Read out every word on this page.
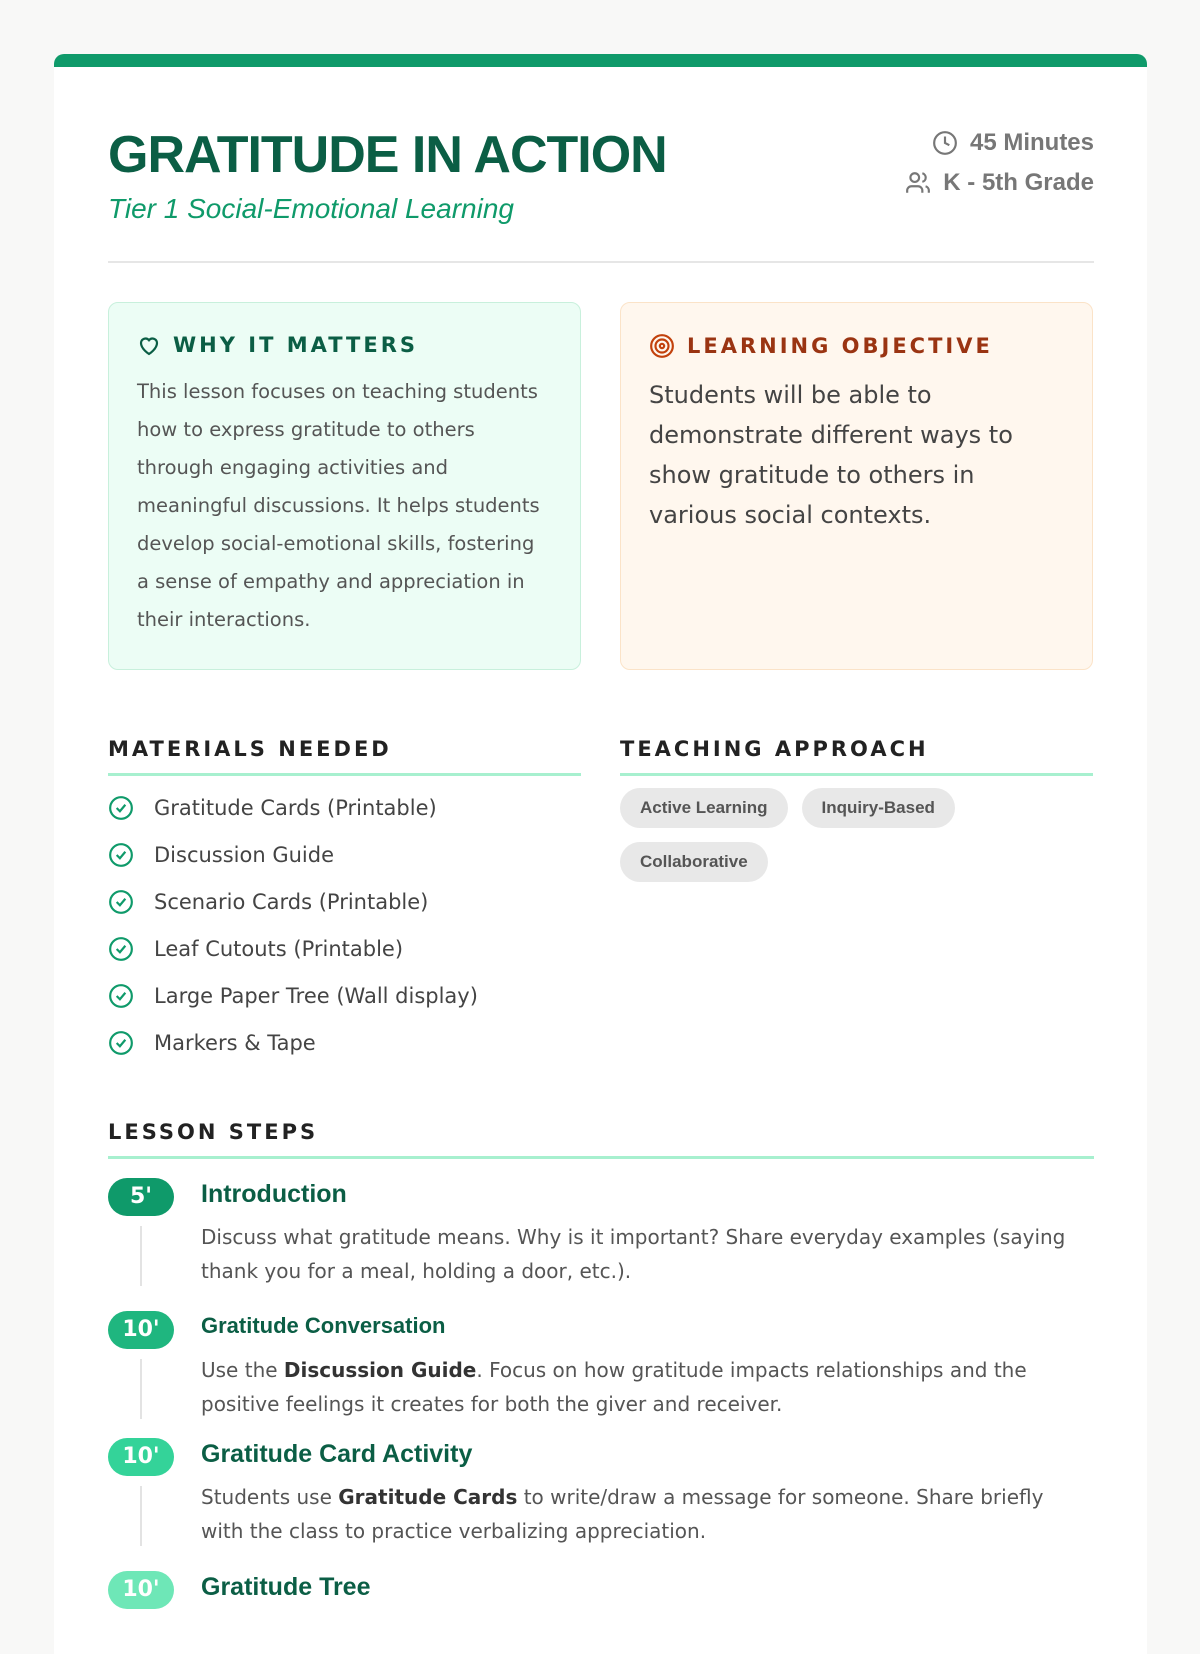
GRATITUDE IN ACTION
Tier 1 Social-Emotional Learning
45 Minutes
K - 5th Grade
WHY IT MATTERS

This lesson focuses on teaching students how to express gratitude to others through engaging activities and meaningful discussions. It helps students develop social-emotional skills, fostering a sense of empathy and appreciation in their interactions.

LEARNING OBJECTIVE

Students will be able to demonstrate different ways to show gratitude to others in various social contexts.

MATERIALS NEEDED
Gratitude Cards (Printable)
Discussion Guide
Scenario Cards (Printable)
Leaf Cutouts (Printable)
Large Paper Tree (Wall display)
Markers & Tape
TEACHING APPROACH
Active Learning	Inquiry-Based
Collaborative
LESSON STEPS
5'	Introduction
Discuss what gratitude means. Why is it important? Share everyday examples (saying thank you for a meal, holding a door, etc.).
10'	Gratitude Conversation
Use the Discussion Guide. Focus on how gratitude impacts relationships and the positive feelings it creates for both the giver and receiver.
10'	Gratitude Card Activity
Students use Gratitude Cards to write/draw a message for someone. Share briefly with the class to practice verbalizing appreciation.
10'	Gratitude Tree
